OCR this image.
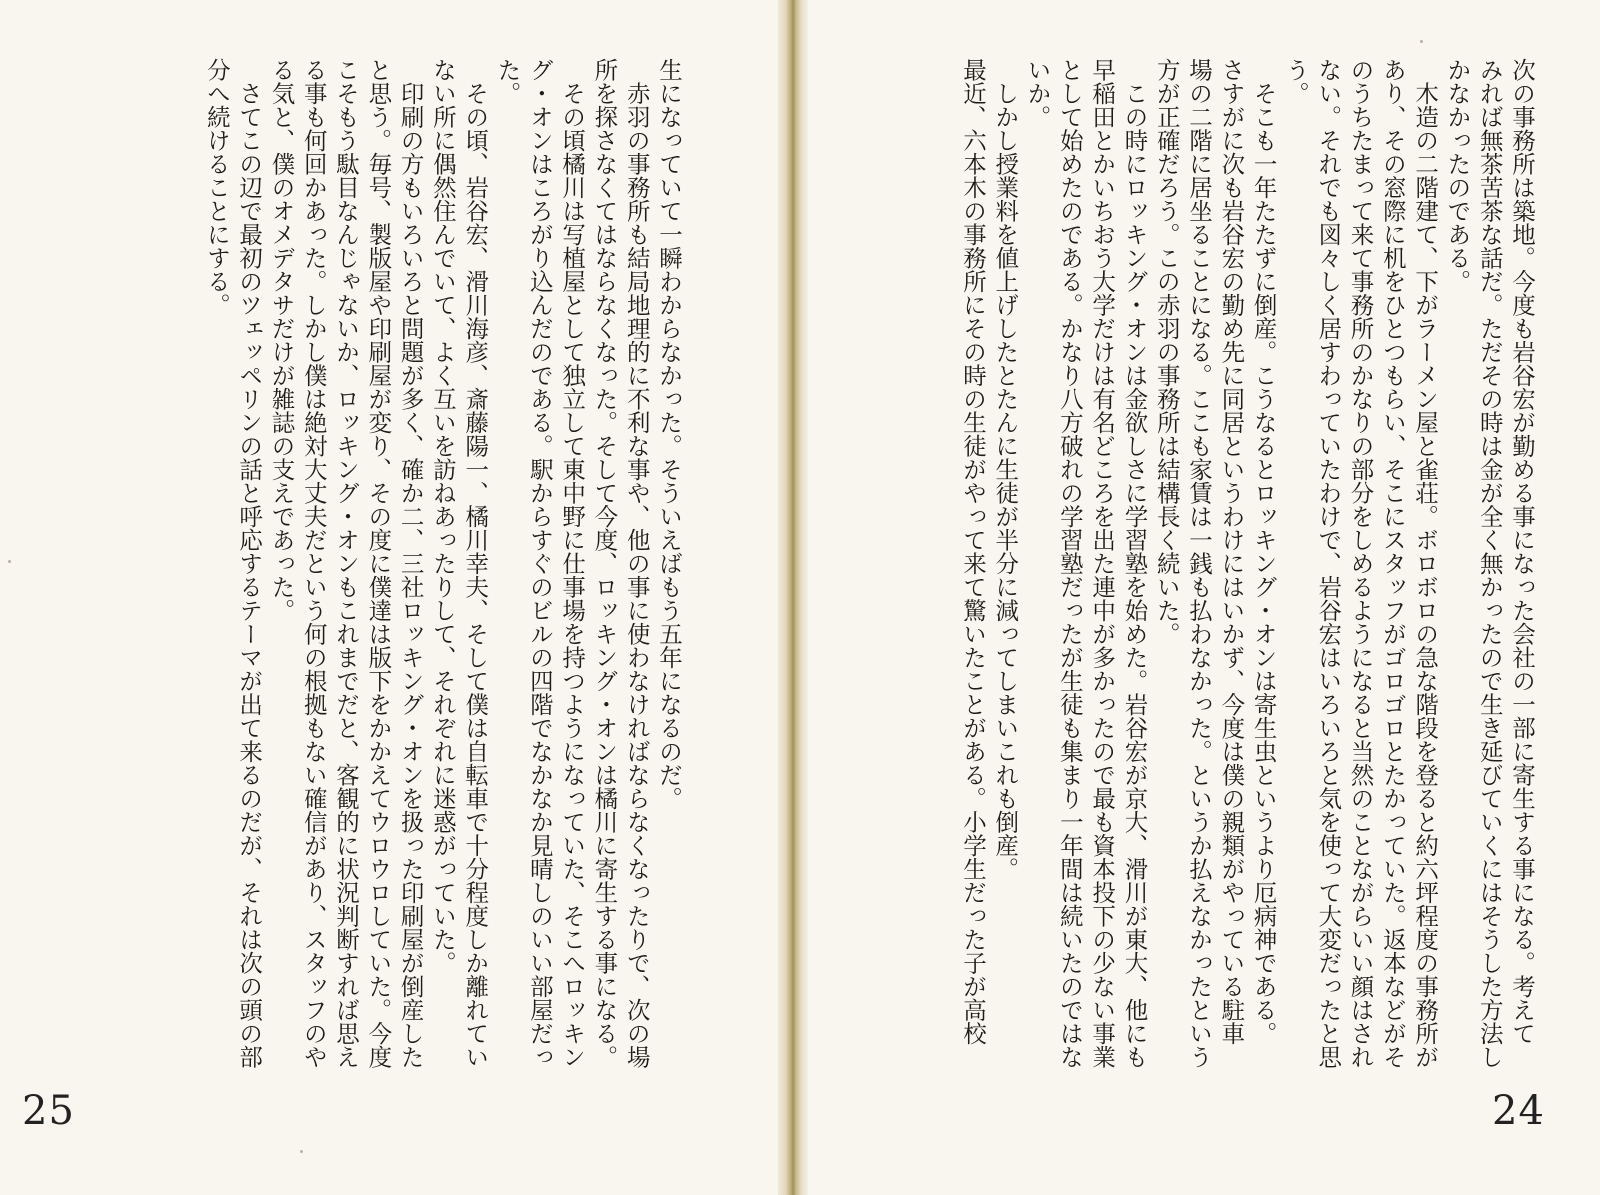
生になっていて一瞬わからなかった。そういえばもう五年になるのだ。
　赤羽の事務所も結局地理的に不利な事や、他の事に使わなければならなくなったりで、次の場
所を探さなくてはならなくなった。そして今度、ロッキング・オンは橘川に寄生する事になる。
　その頃橘川は写植屋として独立して東中野に仕事場を持つようになっていた、そこへロッキン
グ・オンはころがり込んだのである。駅からすぐのビルの四階でなかなか見晴しのいい部屋だっ
た。
　その頃、岩谷宏、滑川海彦、斎藤陽一、橘川幸夫、そして僕は自転車で十分程度しか離れてい
ない所に偶然住んでいて、よく互いを訪ねあったりして、それぞれに迷惑がっていた。
　印刷の方もいろいろと問題が多く、確か二、三社ロッキング・オンを扱った印刷屋が倒産した
と思う。毎号、製版屋や印刷屋が変り、その度に僕達は版下をかかえてウロウロしていた。今度
こそもう駄目なんじゃないか、ロッキング・オンもこれまでだと、客観的に状況判断すれば思え
る事も何回かあった。しかし僕は絶対大丈夫だという何の根拠もない確信があり、スタッフのや
る気と、僕のオメデタサだけが雑誌の支えであった。
　さてこの辺で最初のツェッペリンの話と呼応するテーマが出て来るのだが、それは次の頭の部
分へ続けることにする。
25
次の事務所は築地。今度も岩谷宏が勤める事になった会社の一部に寄生する事になる。考えて
みれば無茶苦茶な話だ。ただその時は金が全く無かったので生き延びていくにはそうした方法し
かなかったのである。
　木造の二階建て、下がラーメン屋と雀荘。ボロボロの急な階段を登ると約六坪程度の事務所が
あり、その窓際に机をひとつもらい、そこにスタッフがゴロゴロとたかっていた。返本などがそ
のうちたまって来て事務所のかなりの部分をしめるようになると当然のことながらいい顔はされ
ない。それでも図々しく居すわっていたわけで、岩谷宏はいろいろと気を使って大変だったと思
う。
　そこも一年たたずに倒産。こうなるとロッキング・オンは寄生虫というより厄病神である。
さすがに次も岩谷宏の勤め先に同居というわけにはいかず、今度は僕の親類がやっている駐車
場の二階に居坐ることになる。ここも家賃は一銭も払わなかった。というか払えなかったという
方が正確だろう。この赤羽の事務所は結構長く続いた。
　この時にロッキング・オンは金欲しさに学習塾を始めた。岩谷宏が京大、滑川が東大、他にも
早稲田とかいちおう大学だけは有名どころを出た連中が多かったので最も資本投下の少ない事業
として始めたのである。かなり八方破れの学習塾だったが生徒も集まり一年間は続いたのではな
いか。
　しかし授業料を値上げしたとたんに生徒が半分に減ってしまいこれも倒産。
最近、六本木の事務所にその時の生徒がやって来て驚いたことがある。小学生だった子が高校
24
